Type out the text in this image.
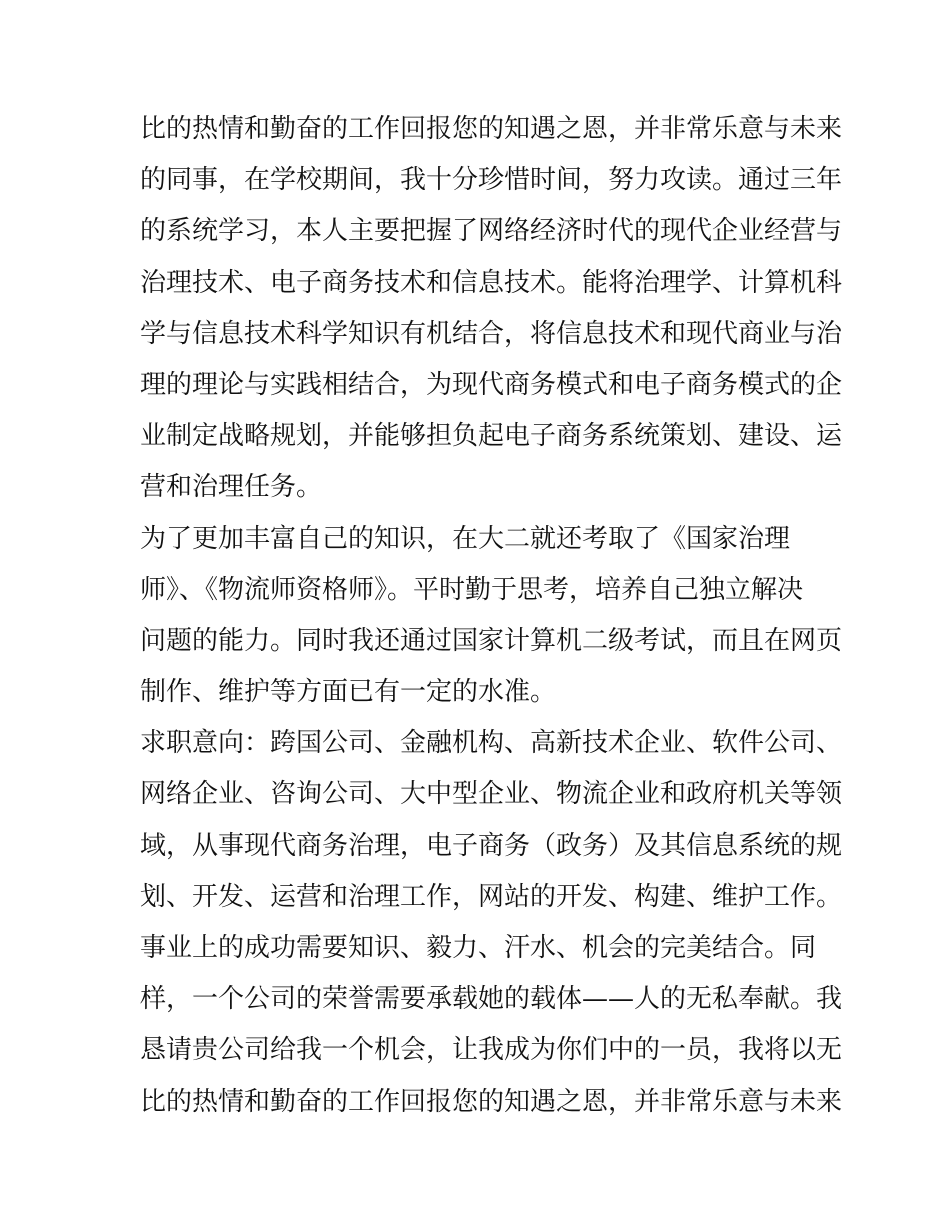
比的热情和勤奋的工作回报您的知遇之恩，并非常乐意与未来
的同事，在学校期间，我十分珍惜时间，努力攻读。通过三年
的系统学习，本人主要把握了网络经济时代的现代企业经营与
治理技术、电子商务技术和信息技术。能将治理学、计算机科
学与信息技术科学知识有机结合，将信息技术和现代商业与治
理的理论与实践相结合，为现代商务模式和电子商务模式的企
业制定战略规划，并能够担负起电子商务系统策划、建设、运
营和治理任务。
为了更加丰富自己的知识，在大二就还考取了《国家治理
师》、《物流师资格师》。平时勤于思考，培养自己独立解决
问题的能力。同时我还通过国家计算机二级考试，而且在网页
制作、维护等方面已有一定的水准。
求职意向：跨国公司、金融机构、高新技术企业、软件公司、
网络企业、咨询公司、大中型企业、物流企业和政府机关等领
域，从事现代商务治理，电子商务（政务）及其信息系统的规
划、开发、运营和治理工作，网站的开发、构建、维护工作。
事业上的成功需要知识、毅力、汗水、机会的完美结合。同
样，一个公司的荣誉需要承载她的载体——人的无私奉献。我
恳请贵公司给我一个机会，让我成为你们中的一员，我将以无
比的热情和勤奋的工作回报您的知遇之恩，并非常乐意与未来
